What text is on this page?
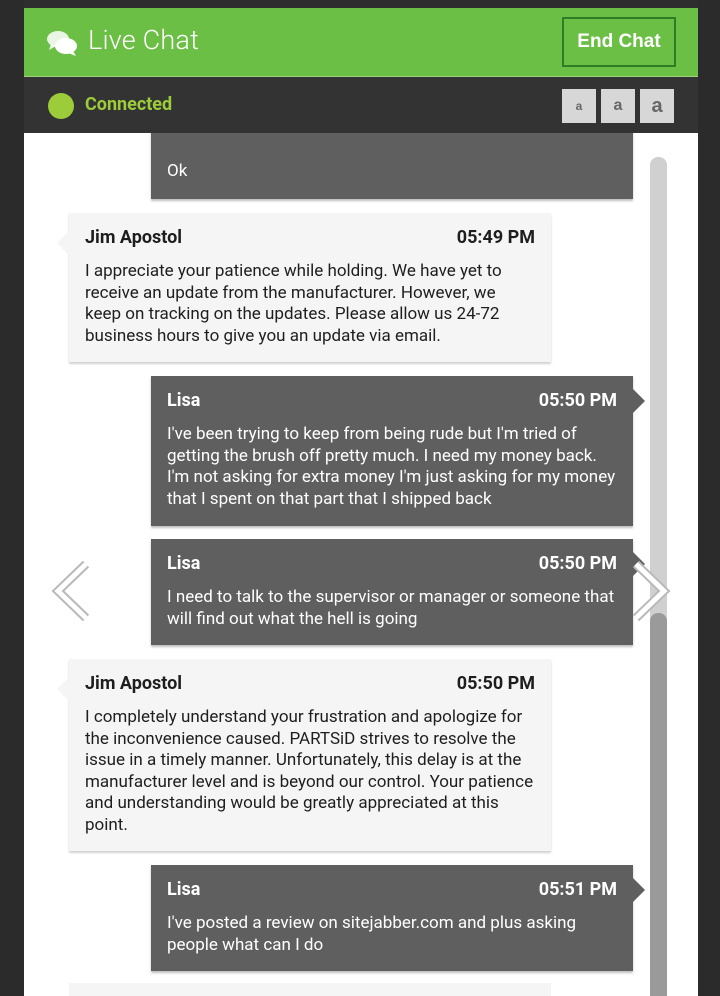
Live Chat	End Chat
Connected	a	a	a
Ok
Jim Apostol	05:49 PM
I appreciate your patience while holding. We have yet to receive an update from the manufacturer. However, we keep on tracking on the updates. Please allow us 24-72 business hours to give you an update via email.
Lisa	05:50 PM
I've been trying to keep from being rude but I'm tried of getting the brush off pretty much. I need my money back. I'm not asking for extra money I'm just asking for my money that I spent on that part that I shipped back
Lisa	05:50 PM
I need to talk to the supervisor or manager or someone that will find out what the hell is going
Jim Apostol	05:50 PM
I completely understand your frustration and apologize for the inconvenience caused. PARTSiD strives to resolve the issue in a timely manner. Unfortunately, this delay is at the manufacturer level and is beyond our control. Your patience and understanding would be greatly appreciated at this point.
Lisa	05:51 PM
I've posted a review on sitejabber.com and plus asking people what can I do
